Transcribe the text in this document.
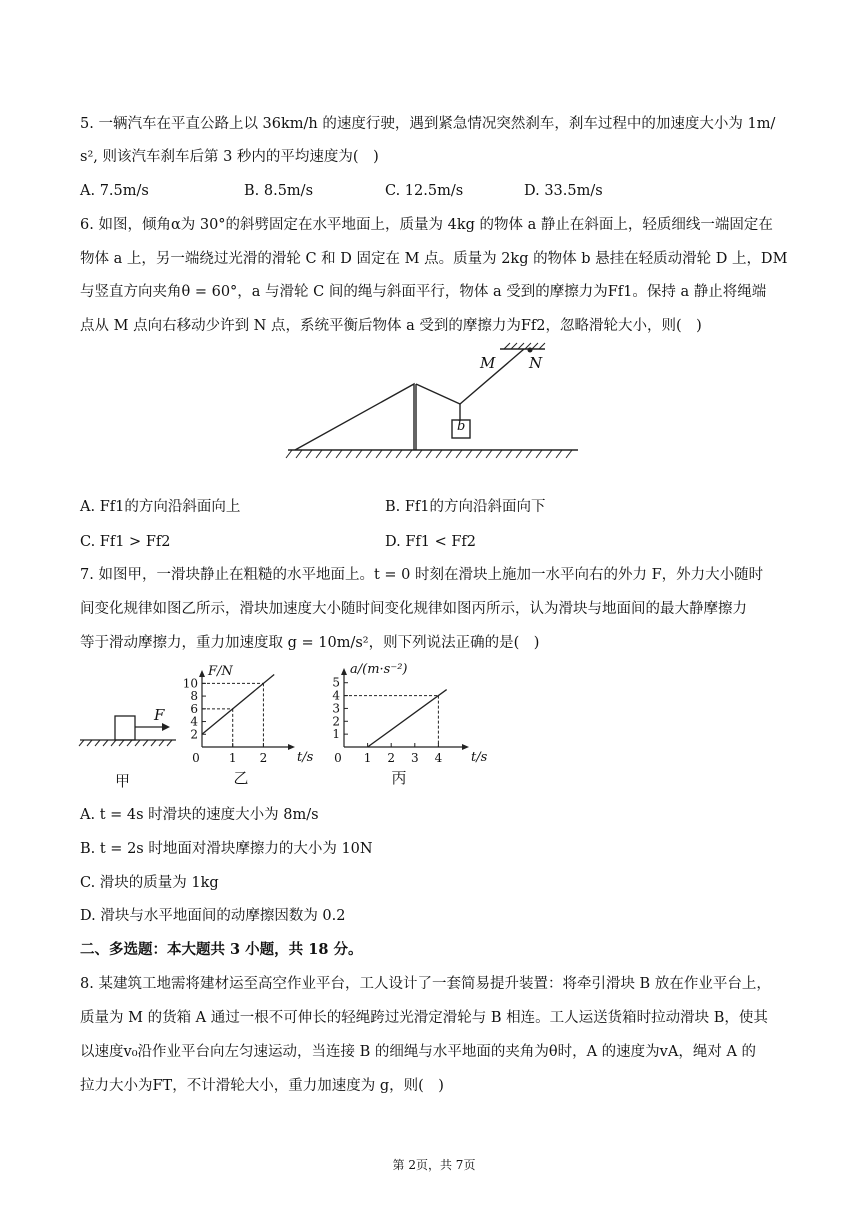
5. 一辆汽车在平直公路上以 36km/h 的速度行驶，遇到紧急情况突然刹车，刹车过程中的加速度大小为 1m/
s², 则该汽车刹车后第 3 秒内的平均速度为(　)
A. 7.5m/s	B. 8.5m/s	C. 12.5m/s	D. 33.5m/s
6. 如图，倾角α为 30°的斜劈固定在水平地面上，质量为 4kg 的物体 a 静止在斜面上，轻质细线一端固定在
物体 a 上，另一端绕过光滑的滑轮 C 和 D 固定在 M 点。质量为 2kg 的物体 b 悬挂在轻质动滑轮 D 上，DM
与竖直方向夹角θ = 60°，a 与滑轮 C 间的绳与斜面平行，物体 a 受到的摩擦力为Ff1。保持 a 静止将绳端
点从 M 点向右移动少许到 N 点，系统平衡后物体 a 受到的摩擦力为Ff2，忽略滑轮大小，则(　)
M N
b
A. Ff1的方向沿斜面向上	B. Ff1的方向沿斜面向下
C. Ff1 > Ff2	D. Ff1 < Ff2
7. 如图甲，一滑块静止在粗糙的水平地面上。t = 0 时刻在滑块上施加一水平向右的外力 F，外力大小随时
间变化规律如图乙所示，滑块加速度大小随时间变化规律如图丙所示，认为滑块与地面间的最大静摩擦力
等于滑动摩擦力，重力加速度取 g = 10m/s²，则下列说法正确的是(　)
F
甲
2
4
6
8
10
0 1 2
F/N
t/s
乙
1
2
3
4
5
0 1 2 3 4
a/(m·s⁻²)
t/s
丙
A. t = 4s 时滑块的速度大小为 8m/s
B. t = 2s 时地面对滑块摩擦力的大小为 10N
C. 滑块的质量为 1kg
D. 滑块与水平地面间的动摩擦因数为 0.2
二、多选题：本大题共 3 小题，共 18 分。
8. 某建筑工地需将建材运至高空作业平台，工人设计了一套简易提升装置：将牵引滑块 B 放在作业平台上，
质量为 M 的货箱 A 通过一根不可伸长的轻绳跨过光滑定滑轮与 B 相连。工人运送货箱时拉动滑块 B，使其
以速度v₀沿作业平台向左匀速运动，当连接 B 的细绳与水平地面的夹角为θ时，A 的速度为vA，绳对 A 的
拉力大小为FT，不计滑轮大小，重力加速度为 g，则(　)
第 2页，共 7页
